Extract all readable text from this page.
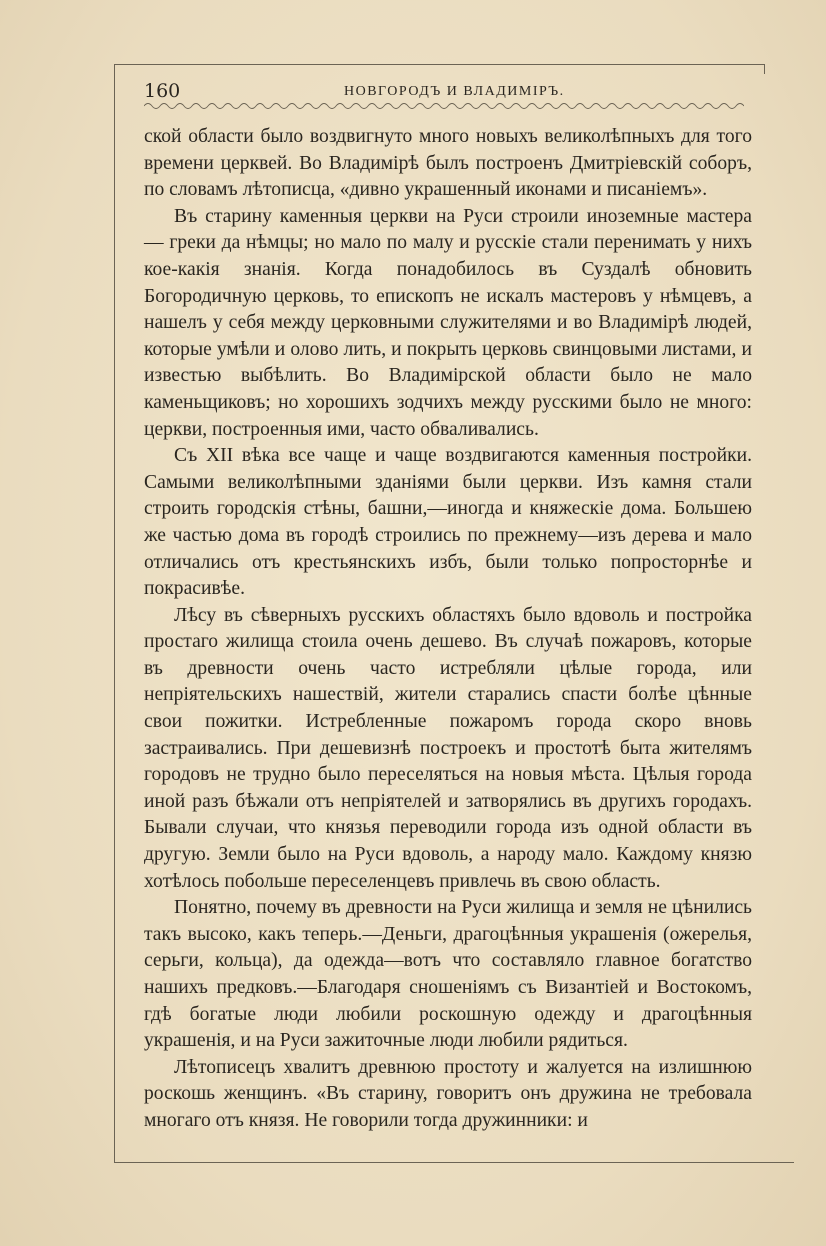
160	НОВГОРОДЪ И ВЛАДИМІРЪ.

ской области было воздвигнуто много новыхъ великолѣпныхъ для того времени церквей. Во Владимірѣ былъ построенъ Дмитріевскій соборъ, по словамъ лѣтописца, «дивно украшенный иконами и писаніемъ».

Въ старину каменныя церкви на Руси строили иноземные мастера — греки да нѣмцы; но мало по малу и русскіе стали перенимать у нихъ кое-какія знанія. Когда понадобилось въ Суздалѣ обновить Богородичную церковь, то епископъ не искалъ мастеровъ у нѣмцевъ, а нашелъ у себя между церковными служителями и во Владимірѣ людей, которые умѣли и олово лить, и покрыть церковь свинцовыми листами, и известью выбѣлить. Во Владимірской области было не мало каменьщиковъ; но хорошихъ зодчихъ между русскими было не много: церкви, построенныя ими, часто обваливались.

Съ XII вѣка все чаще и чаще воздвигаются каменныя постройки. Самыми великолѣпными зданіями были церкви. Изъ камня стали строить городскія стѣны, башни,—иногда и княжескіе дома. Большею же частью дома въ городѣ строились по прежнему—изъ дерева и мало отличались отъ крестьянскихъ избъ, были только попросторнѣе и покрасивѣе.

Лѣсу въ сѣверныхъ русскихъ областяхъ было вдоволь и постройка простаго жилища стоила очень дешево. Въ случаѣ пожаровъ, которые въ древности очень часто истребляли цѣлые города, или непріятельскихъ нашествій, жители старались спасти болѣе цѣнные свои пожитки. Истребленные пожаромъ города скоро вновь застраивались. При дешевизнѣ построекъ и простотѣ быта жителямъ городовъ не трудно было переселяться на новыя мѣста. Цѣлыя города иной разъ бѣжали отъ непріятелей и затворялись въ другихъ городахъ. Бывали случаи, что князья переводили города изъ одной области въ другую. Земли было на Руси вдоволь, а народу мало. Каждому князю хотѣлось побольше переселенцевъ привлечь въ свою область.

Понятно, почему въ древности на Руси жилища и земля не цѣнились такъ высоко, какъ теперь.—Деньги, драгоцѣнныя украшенія (ожерелья, серьги, кольца), да одежда—вотъ что составляло главное богатство нашихъ предковъ.—Благодаря сношеніямъ съ Византіей и Востокомъ, гдѣ богатые люди любили роскошную одежду и драгоцѣнныя украшенія, и на Руси зажиточные люди любили рядиться.

Лѣтописецъ хвалитъ древнюю простоту и жалуется на излишнюю роскошь женщинъ. «Въ старину, говоритъ онъ дружина не требовала многаго отъ князя. Не говорили тогда дружинники: и
